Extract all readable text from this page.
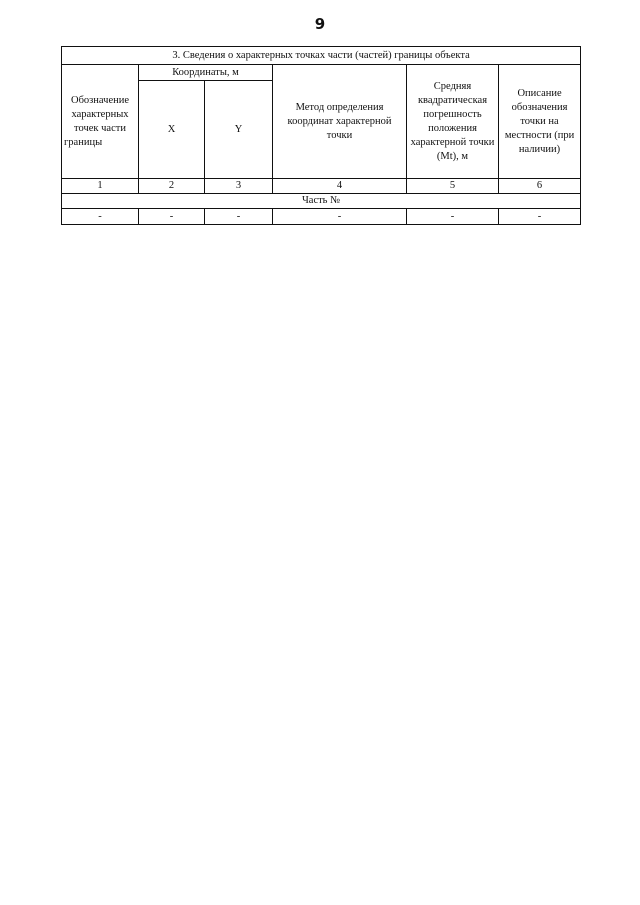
9
3. Сведения о характерных точках части (частей) границы объекта					
Обозначение характерных точек части границы	Координаты, м		Метод определения координат характерной точки	Средняя квадратическая погрешность положения характерной точки (Mt), м	Описание обозначения точки на местности (при наличии)
	X	Y			
1	2	3	4	5	6
Часть №					
-	-	-	-	-	-
